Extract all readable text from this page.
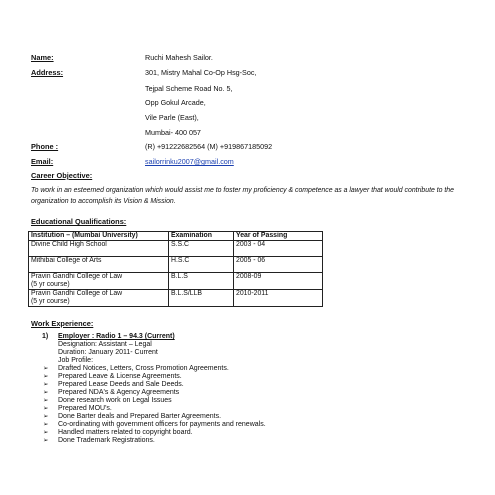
Name:	Ruchi Mahesh Sailor.
Address:	301, Mistry Mahal Co-Op Hsg-Soc,
Tejpal Scheme Road No. 5,
Opp Gokul Arcade,
Vile Parle (East),
Mumbai- 400 057
Phone :	(R) +91222682564 (M) +919867185092
Email:	sailorrinku2007@gmail.com
Career Objective:
To work in an esteemed organization which would assist me to foster my proficiency & competence as a lawyer that would contribute to the organization to accomplish its Vision & Mission.
Educational Qualifications:
Institution – (Mumbai University)	Examination	Year of Passing
Divine Child High School	S.S.C	2003 - 04
Mithibai College of Arts	H.S.C	2005 - 06
Pravin Gandhi College of Law
(5 yr course)	B.L.S	2008-09
Pravin Gandhi College of Law
(5 yr course)	B.L.S/LLB	2010-2011
Work Experience:
1) Employer : Radio 1 – 94.3 (Current)
Designation: Assistant – Legal
Duration: January 2011- Current
Job Profile:
➢ Drafted Notices, Letters, Cross Promotion Agreements.
➢ Prepared Leave & License Agreements.
➢ Prepared Lease Deeds and Sale Deeds.
➢ Prepared NDA's & Agency Agreements
➢ Done research work on Legal Issues
➢ Prepared MOU's.
➢ Done Barter deals and Prepared Barter Agreements.
➢ Co-ordinating with government officers for payments and renewals.
➢ Handled matters related to copyright board.
➢ Done Trademark Registrations.
